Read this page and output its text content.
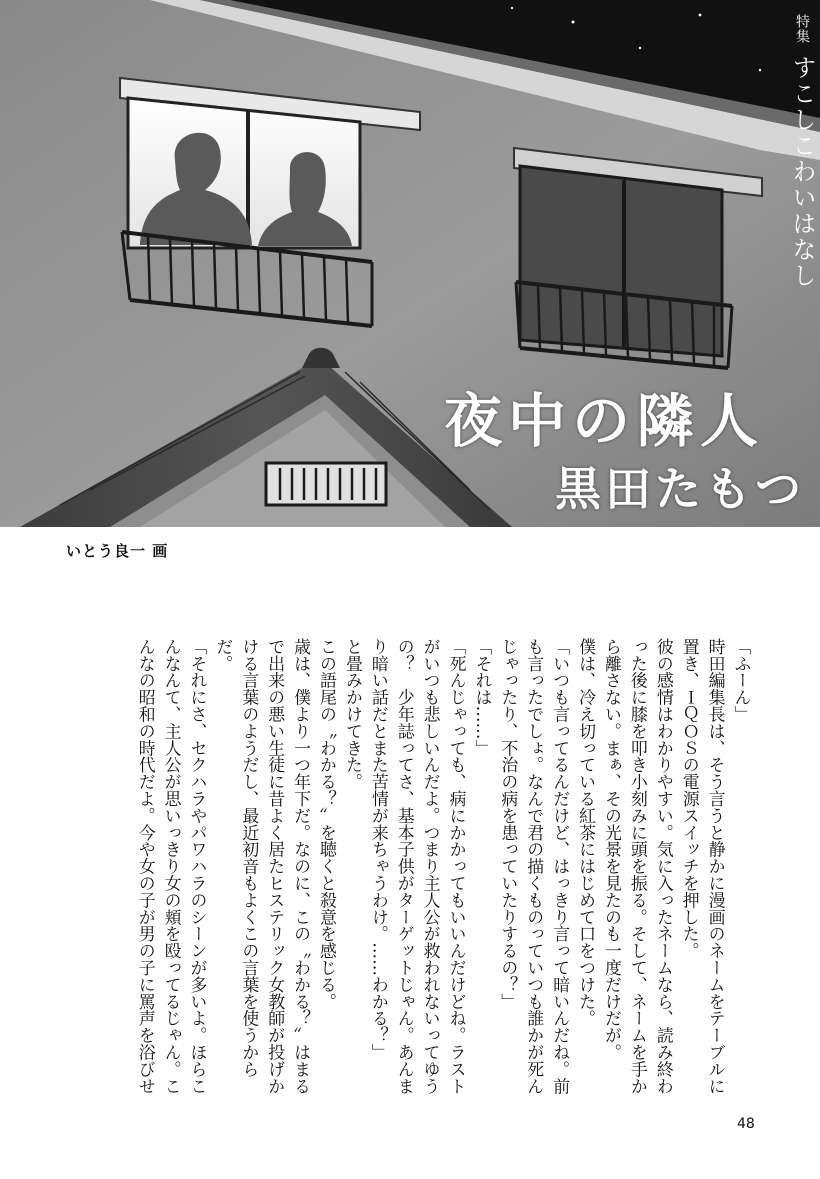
特集 すこしこわいはなし
夜中の隣人
黒田たもつ
いとう良一 画

「ふーん」

時田編集長は、そう言うと静かに漫画のネームをテーブルに置き、ＩＱＯＳの電源スイッチを押した。

彼の感情はわかりやすい。気に入ったネームなら、読み終わった後に膝を叩き小刻みに頭を振る。そして、ネームを手から離さない。まぁ、その光景を見たのも一度だけだが。

僕は、冷え切っている紅茶にはじめて口をつけた。

「いつも言ってるんだけど、はっきり言って暗いんだね。前も言ったでしょ。なんで君の描くものっていつも誰かが死んじゃったり、不治の病を患っていたりするの？」

「それは……」

「死んじゃっても、病にかかってもいいんだけどね。ラストがいつも悲しいんだよ。つまり主人公が救われないってゆうの？　少年誌ってさ、基本子供がターゲットじゃん。あんまり暗い話だとまた苦情が来ちゃうわけ。……わかる？」

と畳みかけてきた。

この語尾の〝わかる？〟を聴くと殺意を感じる。

歳は、僕より一つ年下だ。なのに、この〝わかる？〟はまるで出来の悪い生徒に昔よく居たヒステリック女教師が投げかける言葉のようだし、最近初音もよくこの言葉を使うからだ。

「それにさ、セクハラやパワハラのシーンが多いよ。ほらこんなんて、主人公が思いっきり女の頬を殴ってるじゃん。こんなの昭和の時代だよ。今や女の子が男の子に罵声を浴びせ

48
